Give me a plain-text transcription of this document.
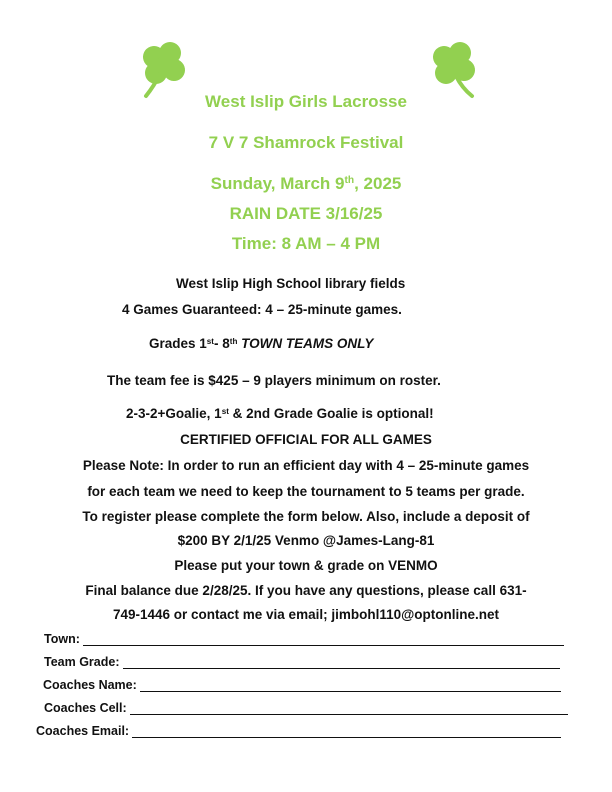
West Islip Girls Lacrosse
7 V 7 Shamrock Festival
Sunday, March 9th, 2025
RAIN DATE 3/16/25
Time: 8 AM – 4 PM
West Islip High School library fields
4 Games Guaranteed: 4 – 25-minute games.
Grades 1st- 8th TOWN TEAMS ONLY
The team fee is $425 – 9 players minimum on roster.
2-3-2+Goalie, 1st & 2nd Grade Goalie is optional!
CERTIFIED OFFICIAL FOR ALL GAMES
Please Note: In order to run an efficient day with 4 – 25-minute games
for each team we need to keep the tournament to 5 teams per grade.
To register please complete the form below. Also, include a deposit of
$200 BY 2/1/25 Venmo @James-Lang-81
Please put your town & grade on VENMO
Final balance due 2/28/25. If you have any questions, please call 631-
749-1446 or contact me via email; jimbohl110@optonline.net
Town:
Team Grade:
Coaches Name:
Coaches Cell:
Coaches Email:
